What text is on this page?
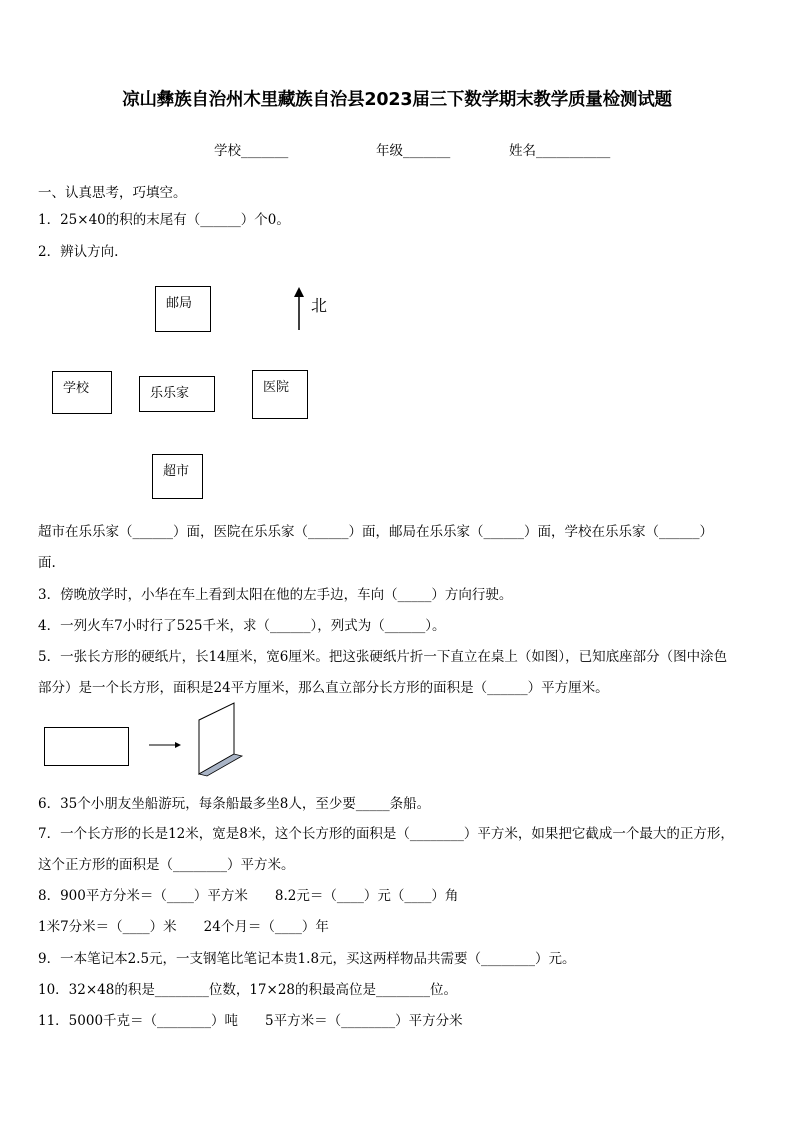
凉山彝族自治州木里藏族自治县2023届三下数学期末教学质量检测试题
学校_______	年级_______	姓名___________
一、认真思考，巧填空。
1．25×40的积的末尾有（______）个0。
2．辨认方向.
邮局	北
学校	乐乐家	医院
超市
超市在乐乐家（______）面，医院在乐乐家（______）面，邮局在乐乐家（______）面，学校在乐乐家（______）
面.
3．傍晚放学时，小华在车上看到太阳在他的左手边，车向（_____）方向行驶。
4．一列火车7小时行了525千米，求（______），列式为（______）。
5．一张长方形的硬纸片，长14厘米，宽6厘米。把这张硬纸片折一下直立在桌上（如图），已知底座部分（图中涂色
部分）是一个长方形，面积是24平方厘米，那么直立部分长方形的面积是（______）平方厘米。
6．35个小朋友坐船游玩，每条船最多坐8人，至少要_____条船。
7．一个长方形的长是12米，宽是8米，这个长方形的面积是（________）平方米，如果把它截成一个最大的正方形，
这个正方形的面积是（________）平方米。
8．900平方分米＝（____）平方米　　8.2元＝（____）元（____）角
1米7分米＝（____）米　　24个月＝（____）年
9．一本笔记本2.5元，一支钢笔比笔记本贵1.8元，买这两样物品共需要（________）元。
10．32×48的积是________位数，17×28的积最高位是________位。
11．5000千克＝（________）吨　　5平方米＝（________）平方分米
